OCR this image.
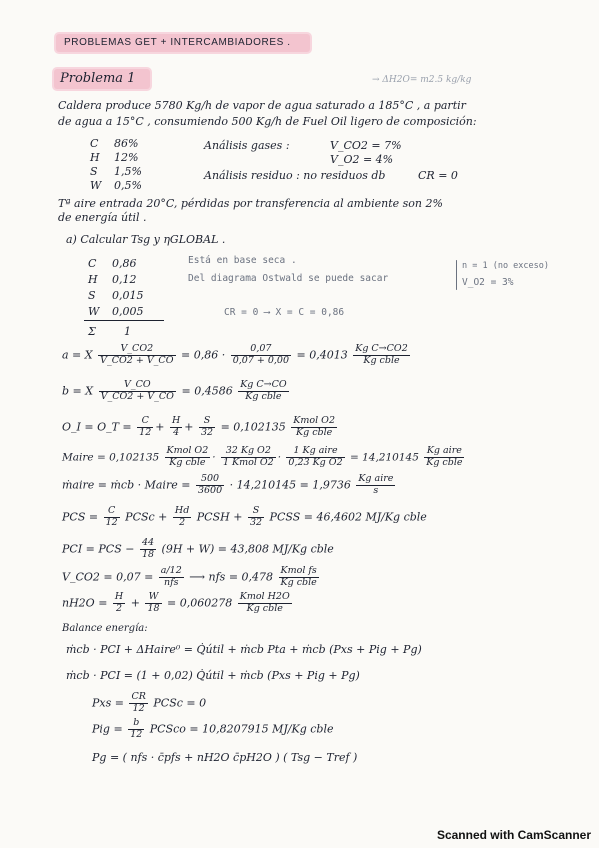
PROBLEMAS GET + INTERCAMBIADORES .
Problema 1	→ ΔH2O= m2.5 kg/kg
Caldera produce 5780 Kg/h de vapor de agua saturado a 185°C , a partir
de agua a 15°C , consumiendo 500 Kg/h de Fuel Oil ligero de composición:
C 86%
H 12%
S 1,5%
W 0,5%
Análisis gases :	V_CO2 = 7%
V_O2 = 4%
Análisis residuo : no residuos db	CR = 0
Tª aire entrada 20°C, pérdidas por transferencia al ambiente son 2%
de energía útil .
a) Calcular Tsg y ηGLOBAL .
C 0,86
H 0,12
S 0,015
W 0,005
Σ	1
Está en base seca .
Del diagrama Ostwald se puede sacar
n = 1 (no exceso)
V_O2 = 3%
CR = 0 ⟶ X = C = 0,86
a = X $\frac{V\_CO2}{V\_CO2 + V\_CO} = 0,86 \cdot \frac{0,07}{0,07 + 0,00} = 0,4013 \frac{\text{Kg C→CO2}}{\text{Kg cble}}$
b = X $\frac{V\_CO}{V\_CO2 + V\_CO} = 0,4586 \frac{\text{Kg C→CO}}{\text{Kg cble}}$
O_I = O_T = $\frac{C}{12} + \frac{H}{4} + \frac{S}{32} = 0,102135 \frac{\text{Kmol O2}}{\text{Kg cble}}$
Maire = $0,102135 \frac{\text{Kmol O2}}{\text{Kg cble}} \cdot \frac{\text{32 Kg O2}}{\text{1 Kmol O2}} \cdot \frac{\text{1 Kg aire}}{\text{0,23 Kg O2}} = 14,210145 \frac{\text{Kg aire}}{\text{Kg cble}}$
ṁaire = ṁcb · Maire = $\frac{500}{3600} \cdot 14,210145 = 1,9736 \frac{\text{Kg aire}}{s}$
PCS = $\frac{C}{12}$ PCSc + $\frac{Hd}{2}$ PCSH + $\frac{S}{32}$ PCSS = 46,4602 MJ/Kg cble
PCI = PCS − $\frac{44}{18} (9H + W) = 43,808$ MJ/Kg cble
V_CO2 = $0,07 = \frac{a/12}{\text{nfs}}$ ⟶ nfs = $0,478 \frac{\text{Kmol fs}}{\text{Kg cble}}$
$nH2O = \frac{H}{2} + \frac{W}{18} = 0,060278 \frac{\text{Kmol H2O}}{\text{Kg cble}}$
Balance energía:
ṁcb · PCI + ΔHaire⁰ = Q̇útil + ṁcb Pta + ṁcb (Pxs + Pig + Pg)
ṁcb · PCI = (1 + 0,02) Q̇útil + ṁcb (Pxs + Pig + Pg)
Pxs = $\frac{CR}{12}$ PCSc = 0
Pig = $\frac{b}{12}$ PCSco = 10,8207915 MJ/Kg cble
Pg = ( nfs · c̄pfs + nH2O c̄pH2O ) ( Tsg − Tref )
Scanned with CamScanner
